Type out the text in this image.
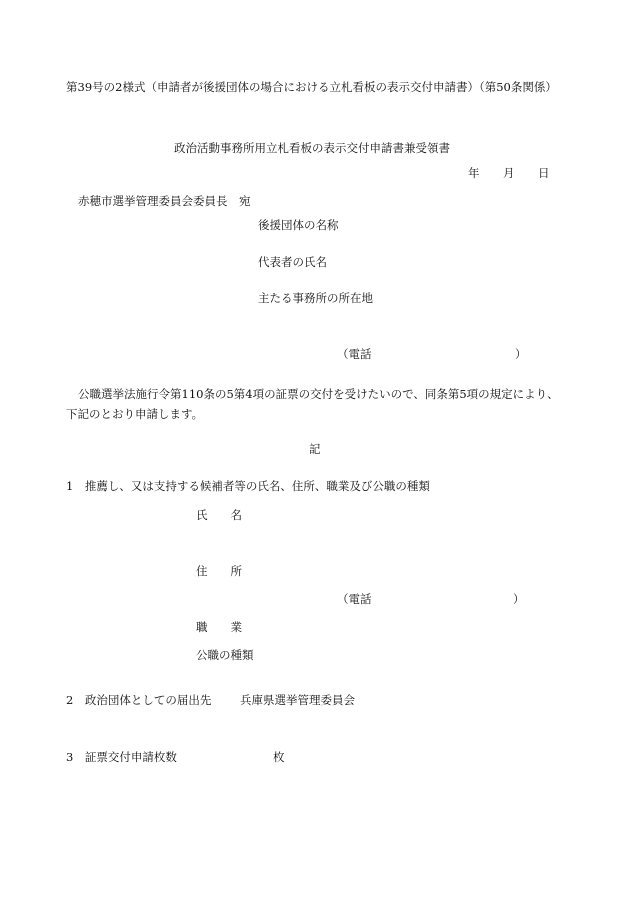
第39号の2様式（申請者が後援団体の場合における立札看板の表示交付申請書）（第50条関係）
政治活動事務所用立札看板の表示交付申請書兼受領書
年 月 日
赤穂市選挙管理委員会委員長　宛
後援団体の名称
代表者の氏名
主たる事務所の所在地
（電話	）
公職選挙法施行令第110条の5第4項の証票の交付を受けたいので、同条第5項の規定により、下記のとおり申請します。
記
1　推薦し、又は支持する候補者等の氏名、住所、職業及び公職の種類
氏　　名
住　　所
（電話	）
職　　業
公職の種類
2　政治団体としての届出先 兵庫県選挙管理委員会
3　証票交付申請枚数	枚
